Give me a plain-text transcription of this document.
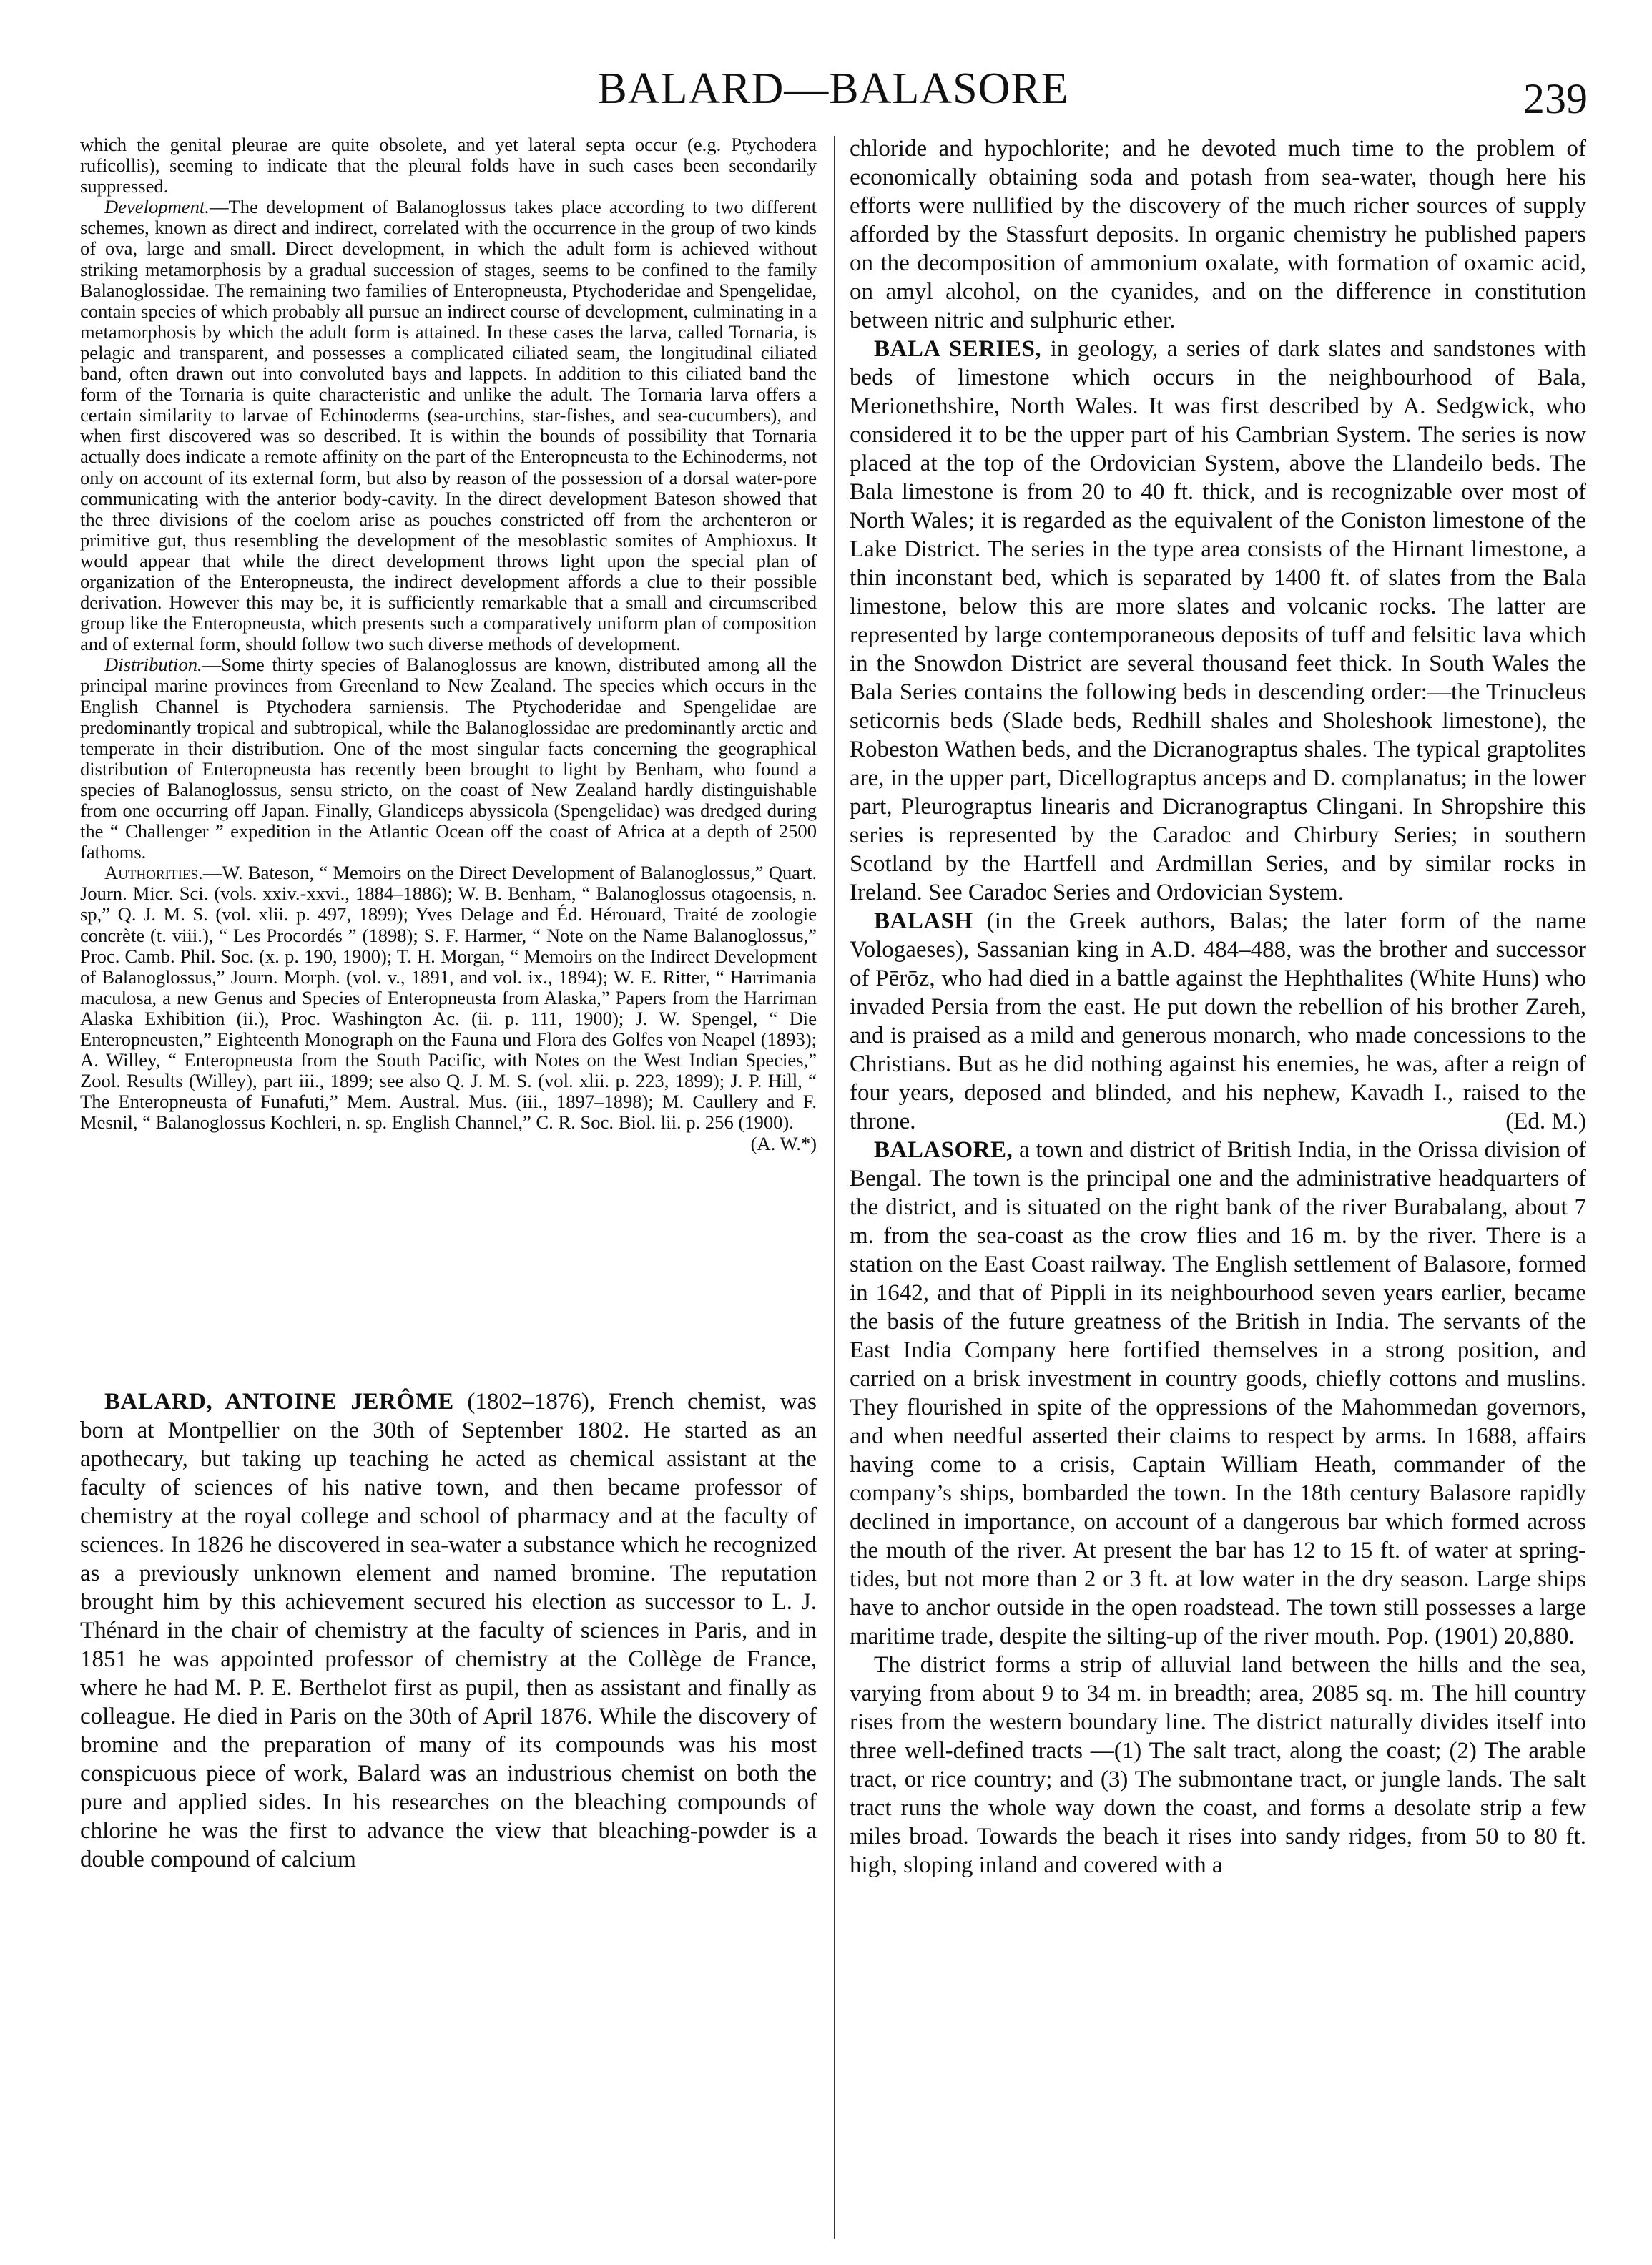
BALARD—BALASORE	239

which the genital pleurae are quite obsolete, and yet lateral septa occur (e.g. Ptychodera ruficollis), seeming to indicate that the pleural folds have in such cases been secondarily suppressed.

Development.—The development of Balanoglossus takes place according to two different schemes, known as direct and indirect, correlated with the occurrence in the group of two kinds of ova, large and small. Direct development, in which the adult form is achieved without striking metamorphosis by a gradual succession of stages, seems to be confined to the family Balanoglossidae. The remaining two families of Enteropneusta, Ptychoderidae and Spengelidae, contain species of which probably all pursue an indirect course of development, culminating in a metamorphosis by which the adult form is attained. In these cases the larva, called Tornaria, is pelagic and transparent, and possesses a complicated ciliated seam, the longitudinal ciliated band, often drawn out into convoluted bays and lappets. In addition to this ciliated band the form of the Tornaria is quite characteristic and unlike the adult. The Tornaria larva offers a certain similarity to larvae of Echinoderms (sea-urchins, star-fishes, and sea-cucumbers), and when first discovered was so described. It is within the bounds of possibility that Tornaria actually does indicate a remote affinity on the part of the Enteropneusta to the Echinoderms, not only on account of its external form, but also by reason of the possession of a dorsal water-pore communicating with the anterior body-cavity. In the direct development Bateson showed that the three divisions of the coelom arise as pouches constricted off from the archenteron or primitive gut, thus resembling the development of the mesoblastic somites of Amphioxus. It would appear that while the direct development throws light upon the special plan of organization of the Enteropneusta, the indirect development affords a clue to their possible derivation. However this may be, it is sufficiently remarkable that a small and circumscribed group like the Enteropneusta, which presents such a comparatively uniform plan of composition and of external form, should follow two such diverse methods of development.

Distribution.—Some thirty species of Balanoglossus are known, distributed among all the principal marine provinces from Greenland to New Zealand. The species which occurs in the English Channel is Ptychodera sarniensis. The Ptychoderidae and Spengelidae are predominantly tropical and subtropical, while the Balanoglossidae are predominantly arctic and temperate in their distribution. One of the most singular facts concerning the geographical distribution of Enteropneusta has recently been brought to light by Benham, who found a species of Balanoglossus, sensu stricto, on the coast of New Zealand hardly distinguishable from one occurring off Japan. Finally, Glandiceps abyssicola (Spengelidae) was dredged during the “ Challenger ” expedition in the Atlantic Ocean off the coast of Africa at a depth of 2500 fathoms.

Authorities.—W. Bateson, “ Memoirs on the Direct Development of Balanoglossus,” Quart. Journ. Micr. Sci. (vols. xxiv.-xxvi., 1884–1886); W. B. Benham, “ Balanoglossus otagoensis, n. sp,” Q. J. M. S. (vol. xlii. p. 497, 1899); Yves Delage and Éd. Hérouard, Traité de zoologie concrète (t. viii.), “ Les Procordés ” (1898); S. F. Harmer, “ Note on the Name Balanoglossus,” Proc. Camb. Phil. Soc. (x. p. 190, 1900); T. H. Morgan, “ Memoirs on the Indirect Development of Balanoglossus,” Journ. Morph. (vol. v., 1891, and vol. ix., 1894); W. E. Ritter, “ Harrimania maculosa, a new Genus and Species of Enteropneusta from Alaska,” Papers from the Harriman Alaska Exhibition (ii.), Proc. Washington Ac. (ii. p. 111, 1900); J. W. Spengel, “ Die Enteropneusten,” Eighteenth Monograph on the Fauna und Flora des Golfes von Neapel (1893); A. Willey, “ Enteropneusta from the South Pacific, with Notes on the West Indian Species,” Zool. Results (Willey), part iii., 1899; see also Q. J. M. S. (vol. xlii. p. 223, 1899); J. P. Hill, “ The Enteropneusta of Funafuti,” Mem. Austral. Mus. (iii., 1897–1898); M. Caullery and F. Mesnil, “ Balanoglossus Kochleri, n. sp. English Channel,” C. R. Soc. Biol. lii. p. 256 (1900).
(A. W.*)

BALARD, ANTOINE JERÔME (1802–1876), French chemist, was born at Montpellier on the 30th of September 1802. He started as an apothecary, but taking up teaching he acted as chemical assistant at the faculty of sciences of his native town, and then became professor of chemistry at the royal college and school of pharmacy and at the faculty of sciences. In 1826 he discovered in sea-water a substance which he recognized as a previously unknown element and named bromine. The reputation brought him by this achievement secured his election as successor to L. J. Thénard in the chair of chemistry at the faculty of sciences in Paris, and in 1851 he was appointed professor of chemistry at the Collège de France, where he had M. P. E. Berthelot first as pupil, then as assistant and finally as colleague. He died in Paris on the 30th of April 1876. While the discovery of bromine and the preparation of many of its compounds was his most conspicuous piece of work, Balard was an industrious chemist on both the pure and applied sides. In his researches on the bleaching compounds of chlorine he was the first to advance the view that bleaching-powder is a double compound of calcium

chloride and hypochlorite; and he devoted much time to the problem of economically obtaining soda and potash from sea-water, though here his efforts were nullified by the discovery of the much richer sources of supply afforded by the Stassfurt deposits. In organic chemistry he published papers on the decomposition of ammonium oxalate, with formation of oxamic acid, on amyl alcohol, on the cyanides, and on the difference in constitution between nitric and sulphuric ether.

BALA SERIES, in geology, a series of dark slates and sandstones with beds of limestone which occurs in the neighbourhood of Bala, Merionethshire, North Wales. It was first described by A. Sedgwick, who considered it to be the upper part of his Cambrian System. The series is now placed at the top of the Ordovician System, above the Llandeilo beds. The Bala limestone is from 20 to 40 ft. thick, and is recognizable over most of North Wales; it is regarded as the equivalent of the Coniston limestone of the Lake District. The series in the type area consists of the Hirnant limestone, a thin inconstant bed, which is separated by 1400 ft. of slates from the Bala limestone, below this are more slates and volcanic rocks. The latter are represented by large contemporaneous deposits of tuff and felsitic lava which in the Snowdon District are several thousand feet thick. In South Wales the Bala Series contains the following beds in descending order:—the Trinucleus seticornis beds (Slade beds, Redhill shales and Sholeshook limestone), the Robeston Wathen beds, and the Dicranograptus shales. The typical graptolites are, in the upper part, Dicellograptus anceps and D. complanatus; in the lower part, Pleurograptus linearis and Dicranograptus Clingani. In Shropshire this series is represented by the Caradoc and Chirbury Series; in southern Scotland by the Hartfell and Ardmillan Series, and by similar rocks in Ireland. See Caradoc Series and Ordovician System.

BALASH (in the Greek authors, Balas; the later form of the name Vologaeses), Sassanian king in A.D. 484–488, was the brother and successor of Pērōz, who had died in a battle against the Hephthalites (White Huns) who invaded Persia from the east. He put down the rebellion of his brother Zareh, and is praised as a mild and generous monarch, who made concessions to the Christians. But as he did nothing against his enemies, he was, after a reign of four years, deposed and blinded, and his nephew, Kavadh I., raised to the throne.	(Ed. M.)

BALASORE, a town and district of British India, in the Orissa division of Bengal. The town is the principal one and the administrative headquarters of the district, and is situated on the right bank of the river Burabalang, about 7 m. from the sea-coast as the crow flies and 16 m. by the river. There is a station on the East Coast railway. The English settlement of Balasore, formed in 1642, and that of Pippli in its neighbourhood seven years earlier, became the basis of the future greatness of the British in India. The servants of the East India Company here fortified themselves in a strong position, and carried on a brisk investment in country goods, chiefly cottons and muslins. They flourished in spite of the oppressions of the Mahommedan governors, and when needful asserted their claims to respect by arms. In 1688, affairs having come to a crisis, Captain William Heath, commander of the company’s ships, bombarded the town. In the 18th century Balasore rapidly declined in importance, on account of a dangerous bar which formed across the mouth of the river. At present the bar has 12 to 15 ft. of water at spring-tides, but not more than 2 or 3 ft. at low water in the dry season. Large ships have to anchor outside in the open roadstead. The town still possesses a large maritime trade, despite the silting-up of the river mouth. Pop. (1901) 20,880.

The district forms a strip of alluvial land between the hills and the sea, varying from about 9 to 34 m. in breadth; area, 2085 sq. m. The hill country rises from the western boundary line. The district naturally divides itself into three well-defined tracts —(1) The salt tract, along the coast; (2) The arable tract, or rice country; and (3) The submontane tract, or jungle lands. The salt tract runs the whole way down the coast, and forms a desolate strip a few miles broad. Towards the beach it rises into sandy ridges, from 50 to 80 ft. high, sloping inland and covered with a
